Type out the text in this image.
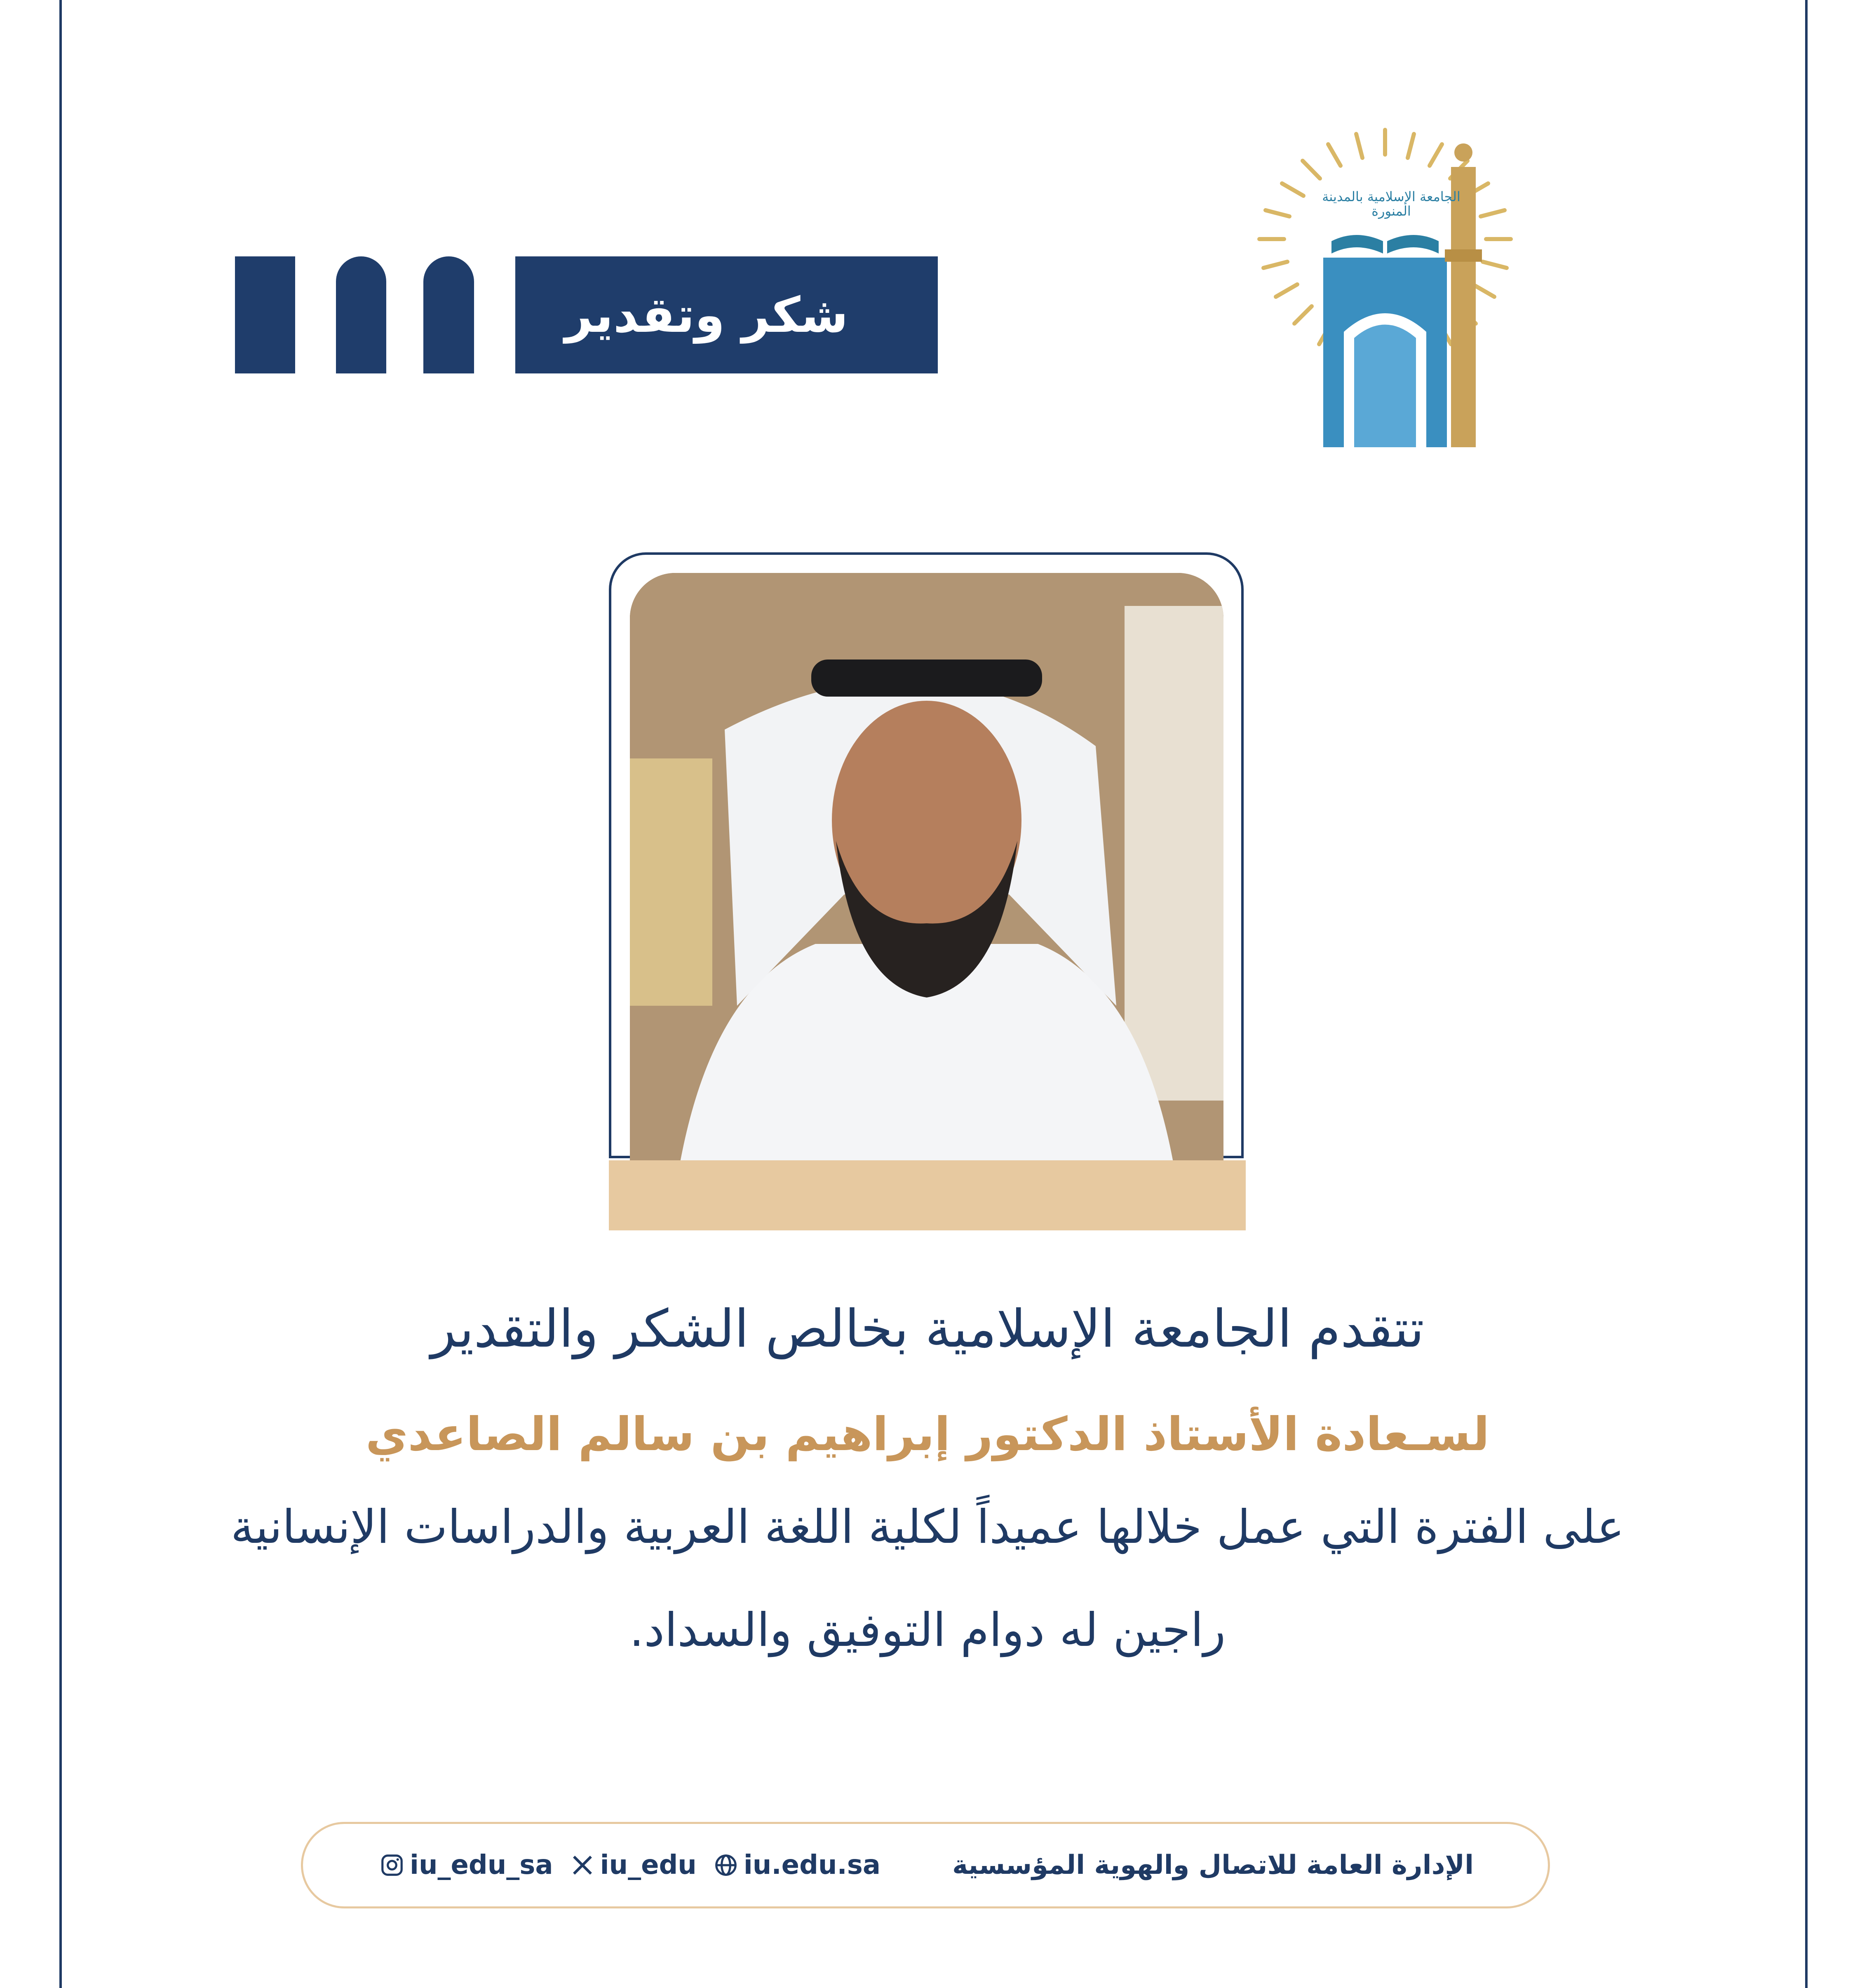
شكر وتقدير
الجامعة الإسلامية بالمدينة المنورة
تتقدم الجامعة الإسلامية بخالص الشكر والتقدير
لسـعادة الأستاذ الدكتور إبراهيم بن سالم الصاعدي
على الفترة التي عمل خلالها عميداً لكلية اللغة العربية والدراسات الإنسانية
راجين له دوام التوفيق والسداد.
iu_edu_sa iu_edu iu.edu.sa	الإدارة العامة للاتصال والهوية المؤسسية
